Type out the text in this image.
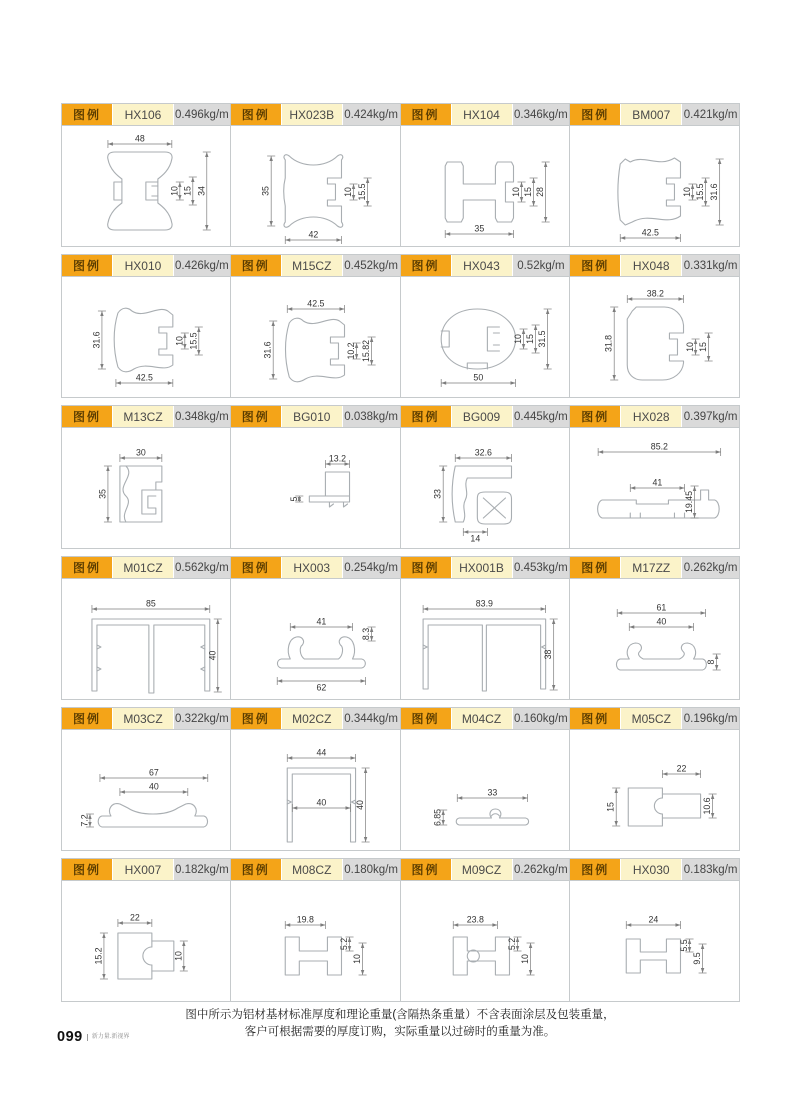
图例	HX106	0.496kg/m
48
10 15 34
图例	HX023B 0.424kg/m
35
42
10 15.5
图例	HX104	0.346kg/m
35
10 15 28
图例	BM007	0.421kg/m
42.5
10 15.5 31.6
图例	HX010	0.426kg/m
31.6
42.5
10 15.5
图例	M15CZ	0.452kg/m
42.5
31.6	10.2 15.82
图例	HX043	0.52kg/m
50
10 15 31.5
图例	HX048	0.331kg/m
38.2
31.8	10 15
图例	M13CZ	0.348kg/m
30
35
图例	BG010	0.038kg/m
13.2
5
图例	BG009	0.445kg/m
32.6
33
14
图例	HX028	0.397kg/m
85.2
41
19.45
图例	M01CZ	0.562kg/m
85
40
图例	HX003	0.254kg/m
41
8.3
62
图例	HX001B 0.453kg/m
83.9
38
图例	M17ZZ	0.262kg/m
61
40
8
图例	M03CZ	0.322kg/m
67
40
7.2
图例	M02CZ	0.344kg/m
44
40	40
图例	M04CZ	0.160kg/m
6.85
33
图例	M05CZ	0.196kg/m
22
10.6
15
图例	HX007	0.182kg/m
22
15.2	10
图例	M08CZ	0.180kg/m
19.8
5.2
10
图例	M09CZ	0.262kg/m
23.8
5.2
10
图例	HX030	0.183kg/m
24
5.5
9.5
图中所示为铝材基材标准厚度和理论重量(含隔热条重量）不含表面涂层及包装重量，
客户可根据需要的厚度订购，实际重量以过磅时的重量为准。
099	新力量.新视界
